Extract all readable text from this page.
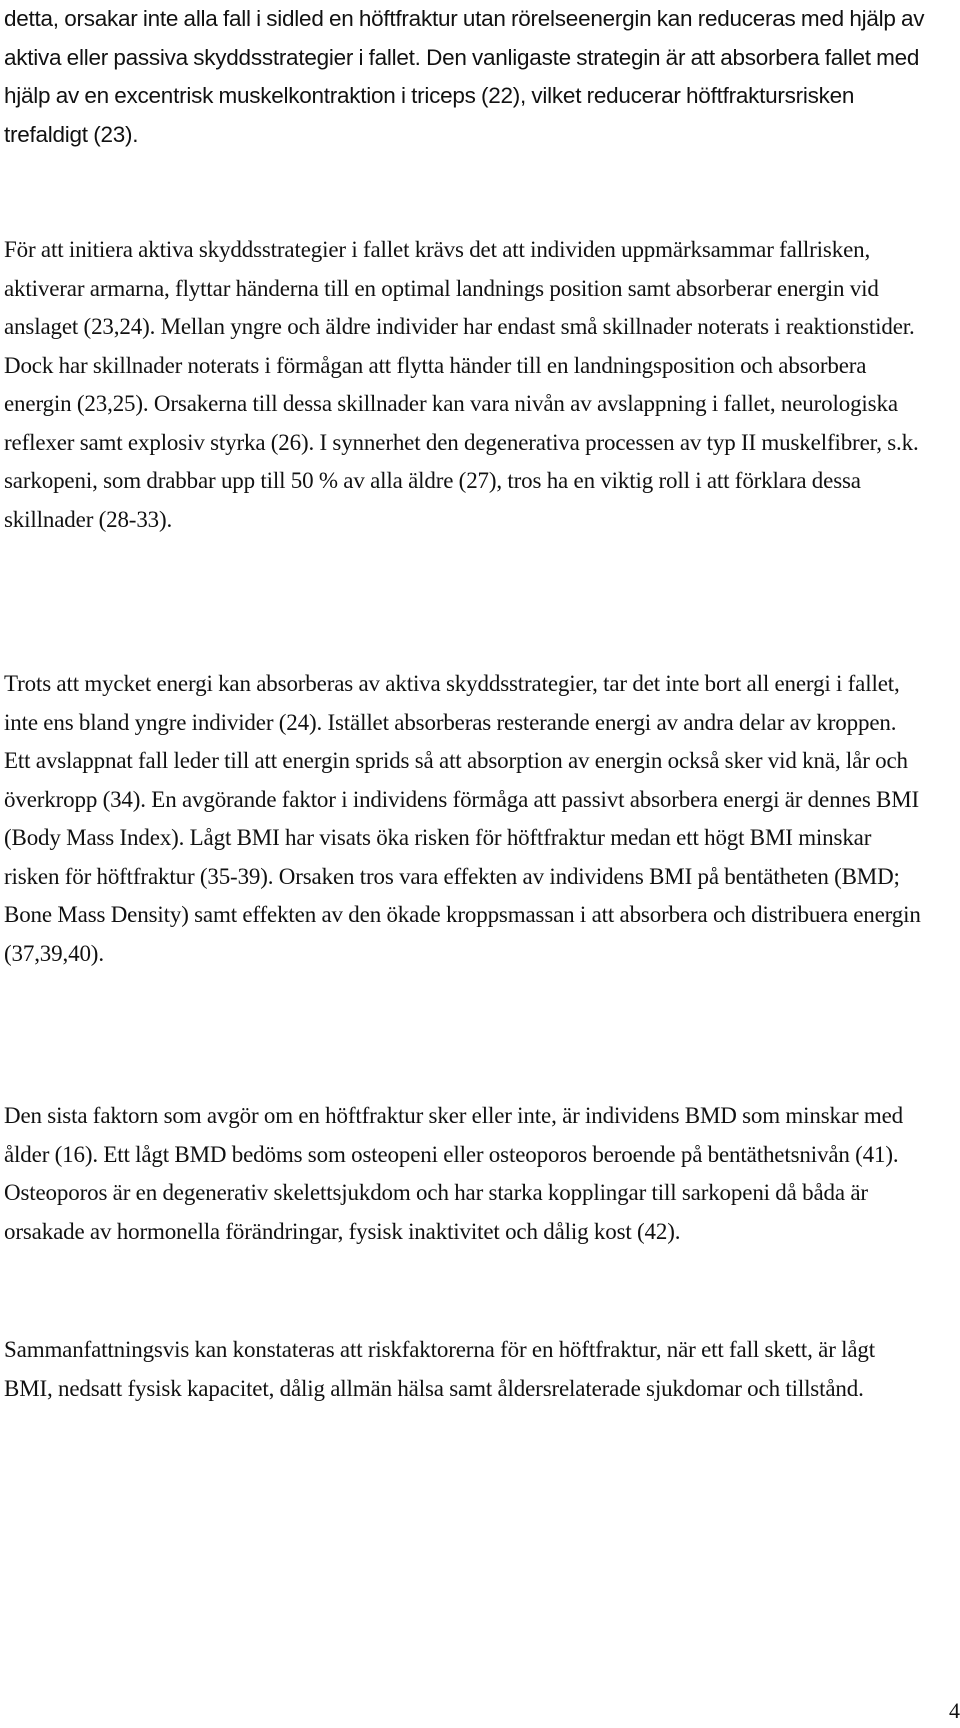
detta, orsakar inte alla fall i sidled en höftfraktur utan rörelseenergin kan reduceras med hjälp av aktiva eller passiva skyddsstrategier i fallet. Den vanligaste strategin är att absorbera fallet med hjälp av en excentrisk muskelkontraktion i triceps (22), vilket reducerar höftfraktursrisken trefaldigt (23).

För att initiera aktiva skyddsstrategier i fallet krävs det att individen uppmärksammar fallrisken, aktiverar armarna, flyttar händerna till en optimal landnings position samt absorberar energin vid anslaget (23,24). Mellan yngre och äldre individer har endast små skillnader noterats i reaktionstider. Dock har skillnader noterats i förmågan att flytta händer till en landningsposition och absorbera energin (23,25). Orsakerna till dessa skillnader kan vara nivån av avslappning i fallet, neurologiska reflexer samt explosiv styrka (26). I synnerhet den degenerativa processen av typ II muskelfibrer, s.k. sarkopeni, som drabbar upp till 50 % av alla äldre (27), tros ha en viktig roll i att förklara dessa skillnader (28-33).

Trots att mycket energi kan absorberas av aktiva skyddsstrategier, tar det inte bort all energi i fallet, inte ens bland yngre individer (24). Istället absorberas resterande energi av andra delar av kroppen. Ett avslappnat fall leder till att energin sprids så att absorption av energin också sker vid knä, lår och överkropp (34). En avgörande faktor i individens förmåga att passivt absorbera energi är dennes BMI (Body Mass Index). Lågt BMI har visats öka risken för höftfraktur medan ett högt BMI minskar risken för höftfraktur (35-39). Orsaken tros vara effekten av individens BMI på bentätheten (BMD; Bone Mass Density) samt effekten av den ökade kroppsmassan i att absorbera och distribuera energin (37,39,40).

Den sista faktorn som avgör om en höftfraktur sker eller inte, är individens BMD som minskar med ålder (16). Ett lågt BMD bedöms som osteopeni eller osteoporos beroende på bentäthetsnivån (41). Osteoporos är en degenerativ skelettsjukdom och har starka kopplingar till sarkopeni då båda är orsakade av hormonella förändringar, fysisk inaktivitet och dålig kost (42).

Sammanfattningsvis kan konstateras att riskfaktorerna för en höftfraktur, när ett fall skett, är lågt BMI, nedsatt fysisk kapacitet, dålig allmän hälsa samt åldersrelaterade sjukdomar och tillstånd.

4
